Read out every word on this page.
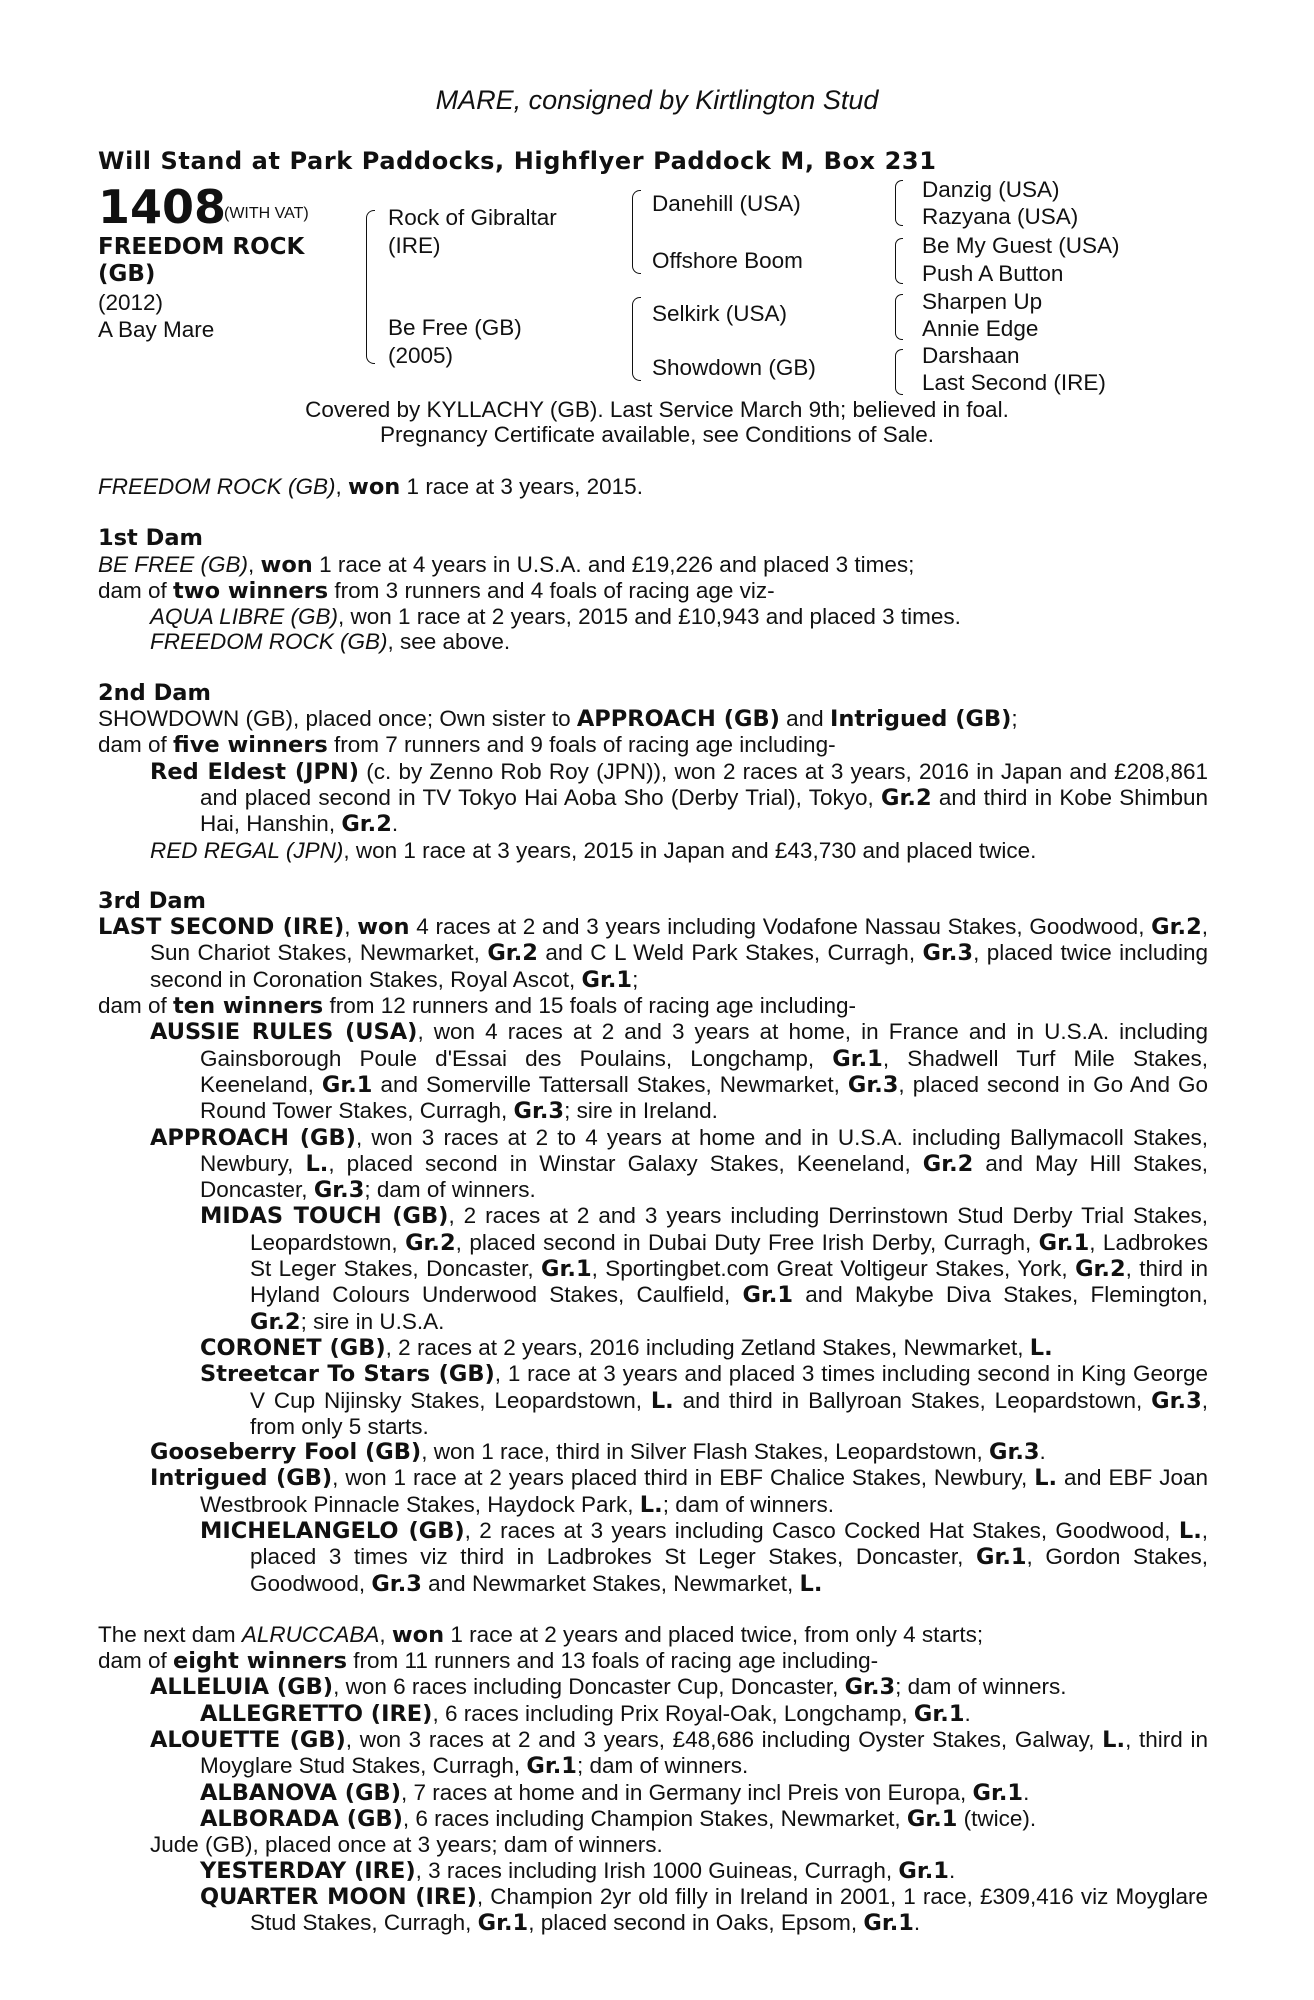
MARE, consigned by Kirtlington Stud
Will Stand at Park Paddocks, Highflyer Paddock M, Box 231
1408
(WITH VAT)
FREEDOM ROCK
(GB)
(2012)
A Bay Mare
Rock of Gibraltar
(IRE)
Be Free (GB)
(2005)
Danehill (USA)
Offshore Boom
Selkirk (USA)
Showdown (GB)
Danzig (USA)
Razyana (USA)
Be My Guest (USA)
Push A Button
Sharpen Up
Annie Edge
Darshaan
Last Second (IRE)
Covered by KYLLACHY (GB). Last Service March 9th; believed in foal.
Pregnancy Certificate available, see Conditions of Sale.

FREEDOM ROCK (GB), won 1 race at 3 years, 2015.

1st Dam

BE FREE (GB), won 1 race at 4 years in U.S.A. and £19,226 and placed 3 times;

dam of two winners from 3 runners and 4 foals of racing age viz-

AQUA LIBRE (GB), won 1 race at 2 years, 2015 and £10,943 and placed 3 times.

FREEDOM ROCK (GB), see above.

2nd Dam

SHOWDOWN (GB), placed once; Own sister to APPROACH (GB) and Intrigued (GB);

dam of five winners from 7 runners and 9 foals of racing age including-

Red Eldest (JPN) (c. by Zenno Rob Roy (JPN)), won 2 races at 3 years, 2016 in Japan and £208,861 and placed second in TV Tokyo Hai Aoba Sho (Derby Trial), Tokyo, Gr.2 and third in Kobe Shimbun Hai, Hanshin, Gr.2.

RED REGAL (JPN), won 1 race at 3 years, 2015 in Japan and £43,730 and placed twice.

3rd Dam

LAST SECOND (IRE), won 4 races at 2 and 3 years including Vodafone Nassau Stakes, Goodwood, Gr.2, Sun Chariot Stakes, Newmarket, Gr.2 and C L Weld Park Stakes, Curragh, Gr.3, placed twice including second in Coronation Stakes, Royal Ascot, Gr.1;

dam of ten winners from 12 runners and 15 foals of racing age including-

AUSSIE RULES (USA), won 4 races at 2 and 3 years at home, in France and in U.S.A. including Gainsborough Poule d'Essai des Poulains, Longchamp, Gr.1, Shadwell Turf Mile Stakes, Keeneland, Gr.1 and Somerville Tattersall Stakes, Newmarket, Gr.3, placed second in Go And Go Round Tower Stakes, Curragh, Gr.3; sire in Ireland.

APPROACH (GB), won 3 races at 2 to 4 years at home and in U.S.A. including Ballymacoll Stakes, Newbury, L., placed second in Winstar Galaxy Stakes, Keeneland, Gr.2 and May Hill Stakes, Doncaster, Gr.3; dam of winners.

MIDAS TOUCH (GB), 2 races at 2 and 3 years including Derrinstown Stud Derby Trial Stakes, Leopardstown, Gr.2, placed second in Dubai Duty Free Irish Derby, Curragh, Gr.1, Ladbrokes St Leger Stakes, Doncaster, Gr.1, Sportingbet.com Great Voltigeur Stakes, York, Gr.2, third in Hyland Colours Underwood Stakes, Caulfield, Gr.1 and Makybe Diva Stakes, Flemington, Gr.2; sire in U.S.A.

CORONET (GB), 2 races at 2 years, 2016 including Zetland Stakes, Newmarket, L.

Streetcar To Stars (GB), 1 race at 3 years and placed 3 times including second in King George V Cup Nijinsky Stakes, Leopardstown, L. and third in Ballyroan Stakes, Leopardstown, Gr.3, from only 5 starts.

Gooseberry Fool (GB), won 1 race, third in Silver Flash Stakes, Leopardstown, Gr.3.

Intrigued (GB), won 1 race at 2 years placed third in EBF Chalice Stakes, Newbury, L. and EBF Joan Westbrook Pinnacle Stakes, Haydock Park, L.; dam of winners.

MICHELANGELO (GB), 2 races at 3 years including Casco Cocked Hat Stakes, Goodwood, L., placed 3 times viz third in Ladbrokes St Leger Stakes, Doncaster, Gr.1, Gordon Stakes, Goodwood, Gr.3 and Newmarket Stakes, Newmarket, L.

The next dam ALRUCCABA, won 1 race at 2 years and placed twice, from only 4 starts;

dam of eight winners from 11 runners and 13 foals of racing age including-

ALLELUIA (GB), won 6 races including Doncaster Cup, Doncaster, Gr.3; dam of winners.

ALLEGRETTO (IRE), 6 races including Prix Royal-Oak, Longchamp, Gr.1.

ALOUETTE (GB), won 3 races at 2 and 3 years, £48,686 including Oyster Stakes, Galway, L., third in Moyglare Stud Stakes, Curragh, Gr.1; dam of winners.

ALBANOVA (GB), 7 races at home and in Germany incl Preis von Europa, Gr.1.

ALBORADA (GB), 6 races including Champion Stakes, Newmarket, Gr.1 (twice).

Jude (GB), placed once at 3 years; dam of winners.

YESTERDAY (IRE), 3 races including Irish 1000 Guineas, Curragh, Gr.1.

QUARTER MOON (IRE), Champion 2yr old filly in Ireland in 2001, 1 race, £309,416 viz Moyglare Stud Stakes, Curragh, Gr.1, placed second in Oaks, Epsom, Gr.1.
